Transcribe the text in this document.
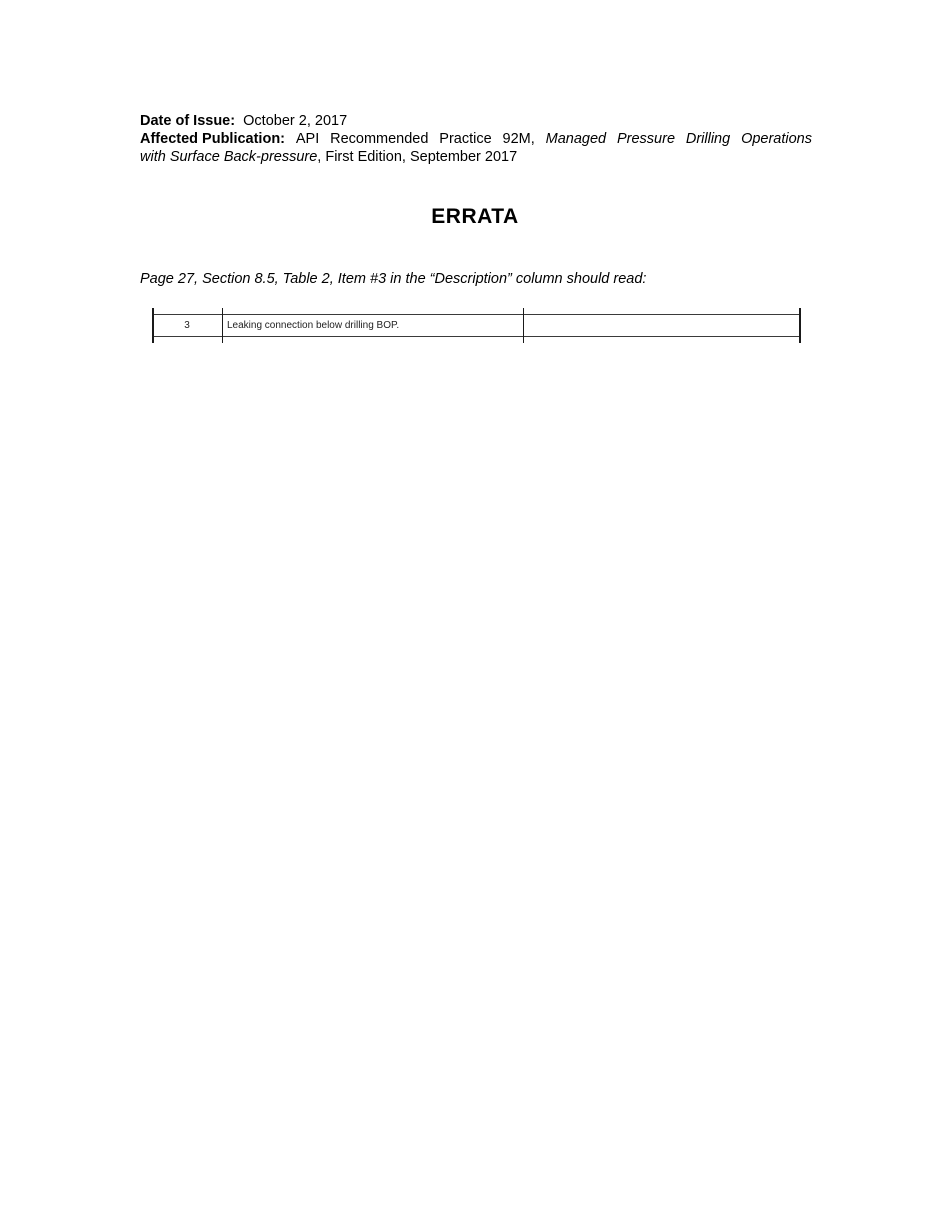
Date of Issue: October 2, 2017

Affected Publication: API Recommended Practice 92M, Managed Pressure Drilling Operations

with Surface Back-pressure, First Edition, September 2017

ERRATA
Page 27, Section 8.5, Table 2, Item #3 in the “Description” column should read:
3	Leaking connection below drilling BOP.
